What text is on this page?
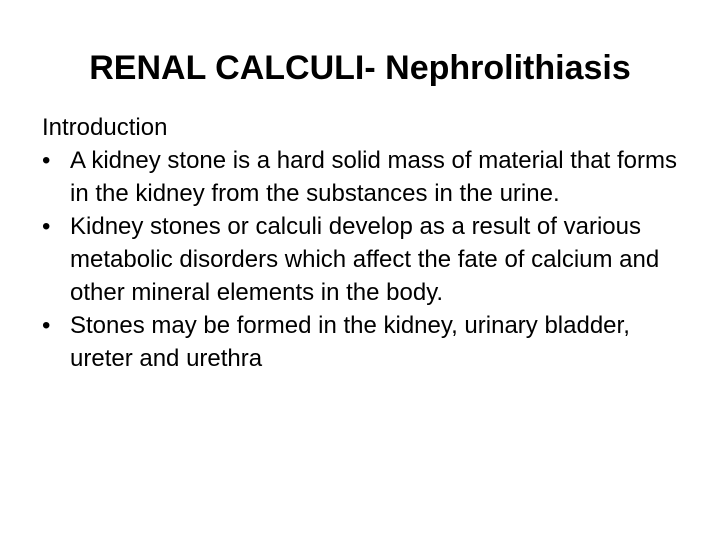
RENAL CALCULI- Nephrolithiasis

Introduction

• A kidney stone is a hard solid mass of material that forms in the kidney from the substances in the urine.
• Kidney stones or calculi develop as a result of various metabolic disorders which affect the fate of calcium and other mineral elements in the body.
• Stones may be formed in the kidney, urinary bladder, ureter and urethra
